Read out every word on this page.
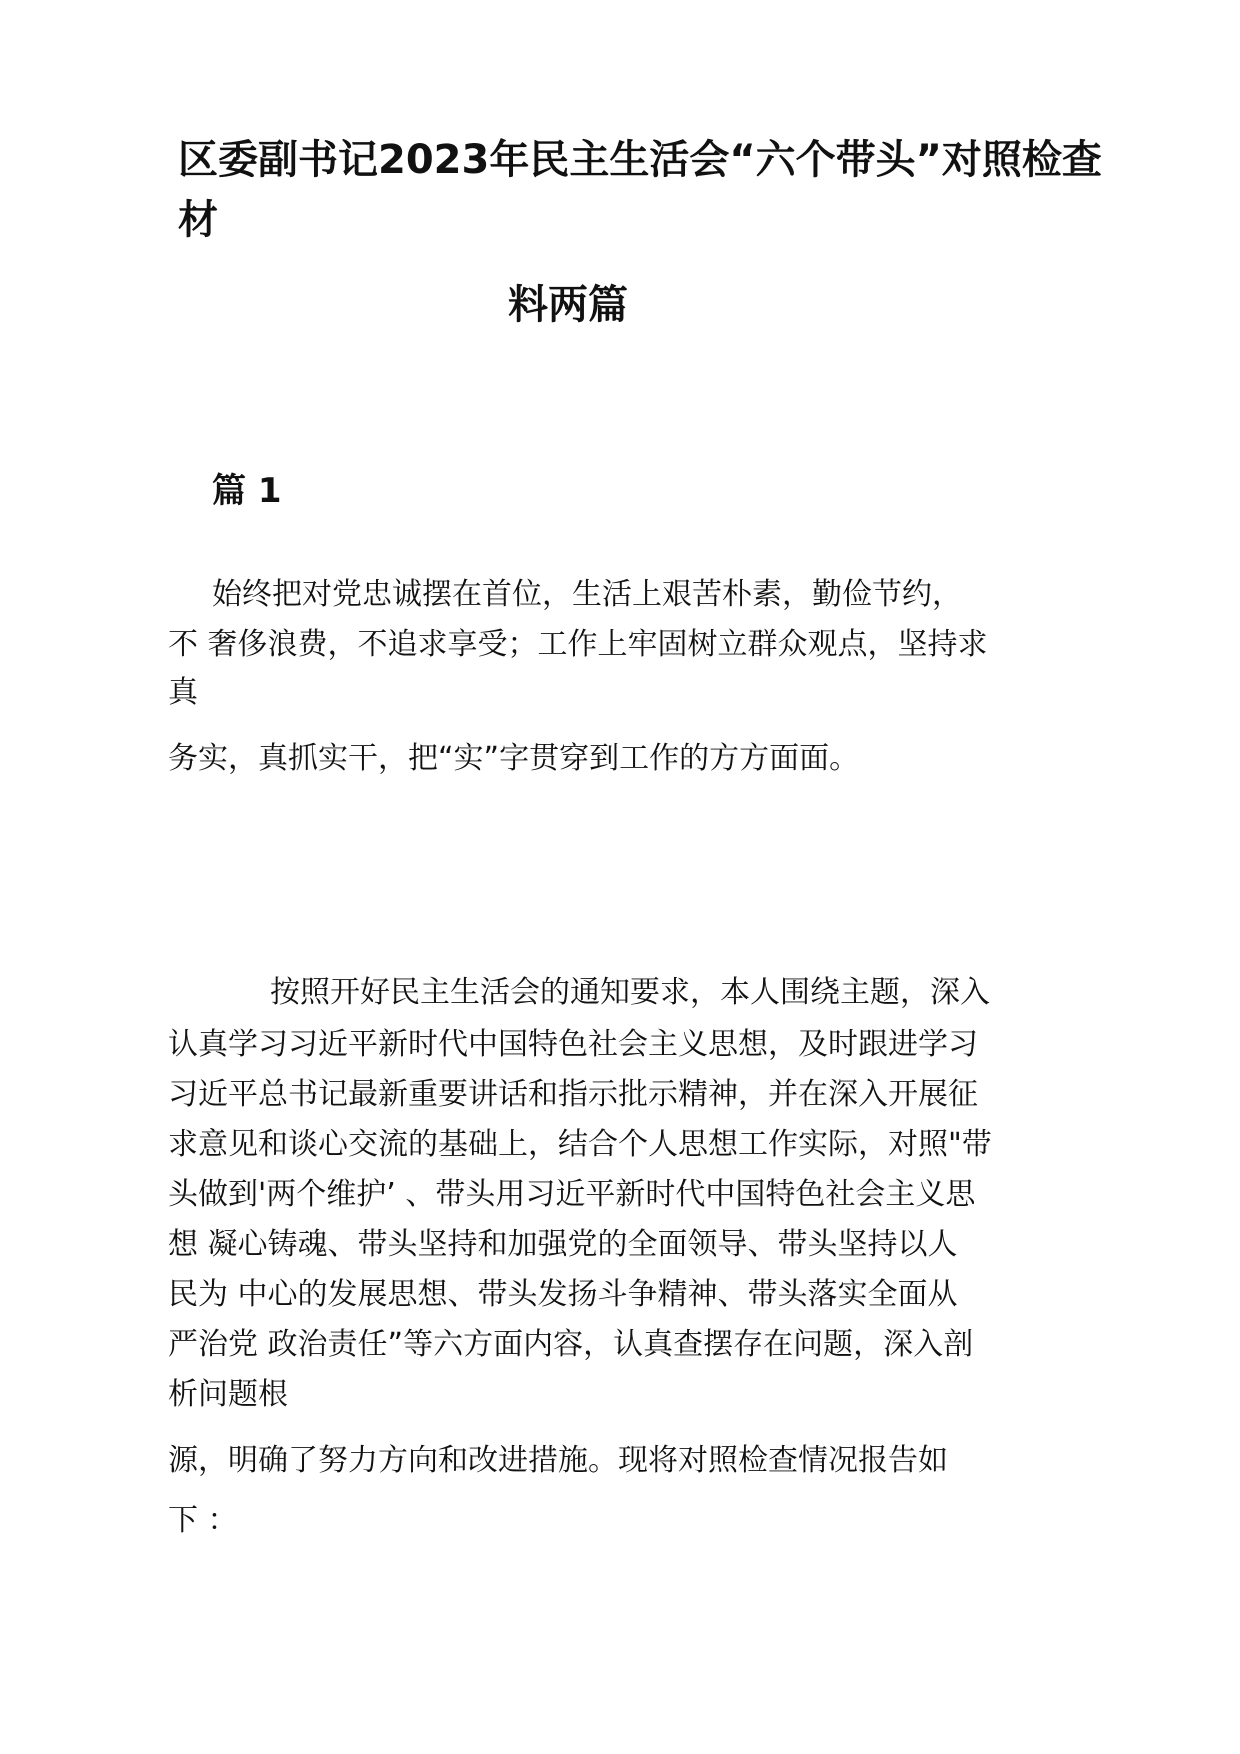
区委副书记2023年民主生活会“六个带头”对照检查
材
料两篇
篇 1
始终把对党忠诚摆在首位，生活上艰苦朴素，勤俭节约，
不 奢侈浪费，不追求享受；工作上牢固树立群众观点，坚持求
真
务实，真抓实干，把“实”字贯穿到工作的方方面面。
按照开好民主生活会的通知要求，本人围绕主题，深入
认真学习习近平新时代中国特色社会主义思想，及时跟进学习
习近平总书记最新重要讲话和指示批示精神，并在深入开展征
求意见和谈心交流的基础上，结合个人思想工作实际，对照"带
头做到'两个维护’ 、带头用习近平新时代中国特色社会主义思
想 凝心铸魂、带头坚持和加强党的全面领导、带头坚持以人
民为 中心的发展思想、带头发扬斗争精神、带头落实全面从
严治党 政治责任”等六方面内容，认真查摆存在问题，深入剖
析问题根
源，明确了努力方向和改进措施。现将对照检查情况报告如
下 ：
